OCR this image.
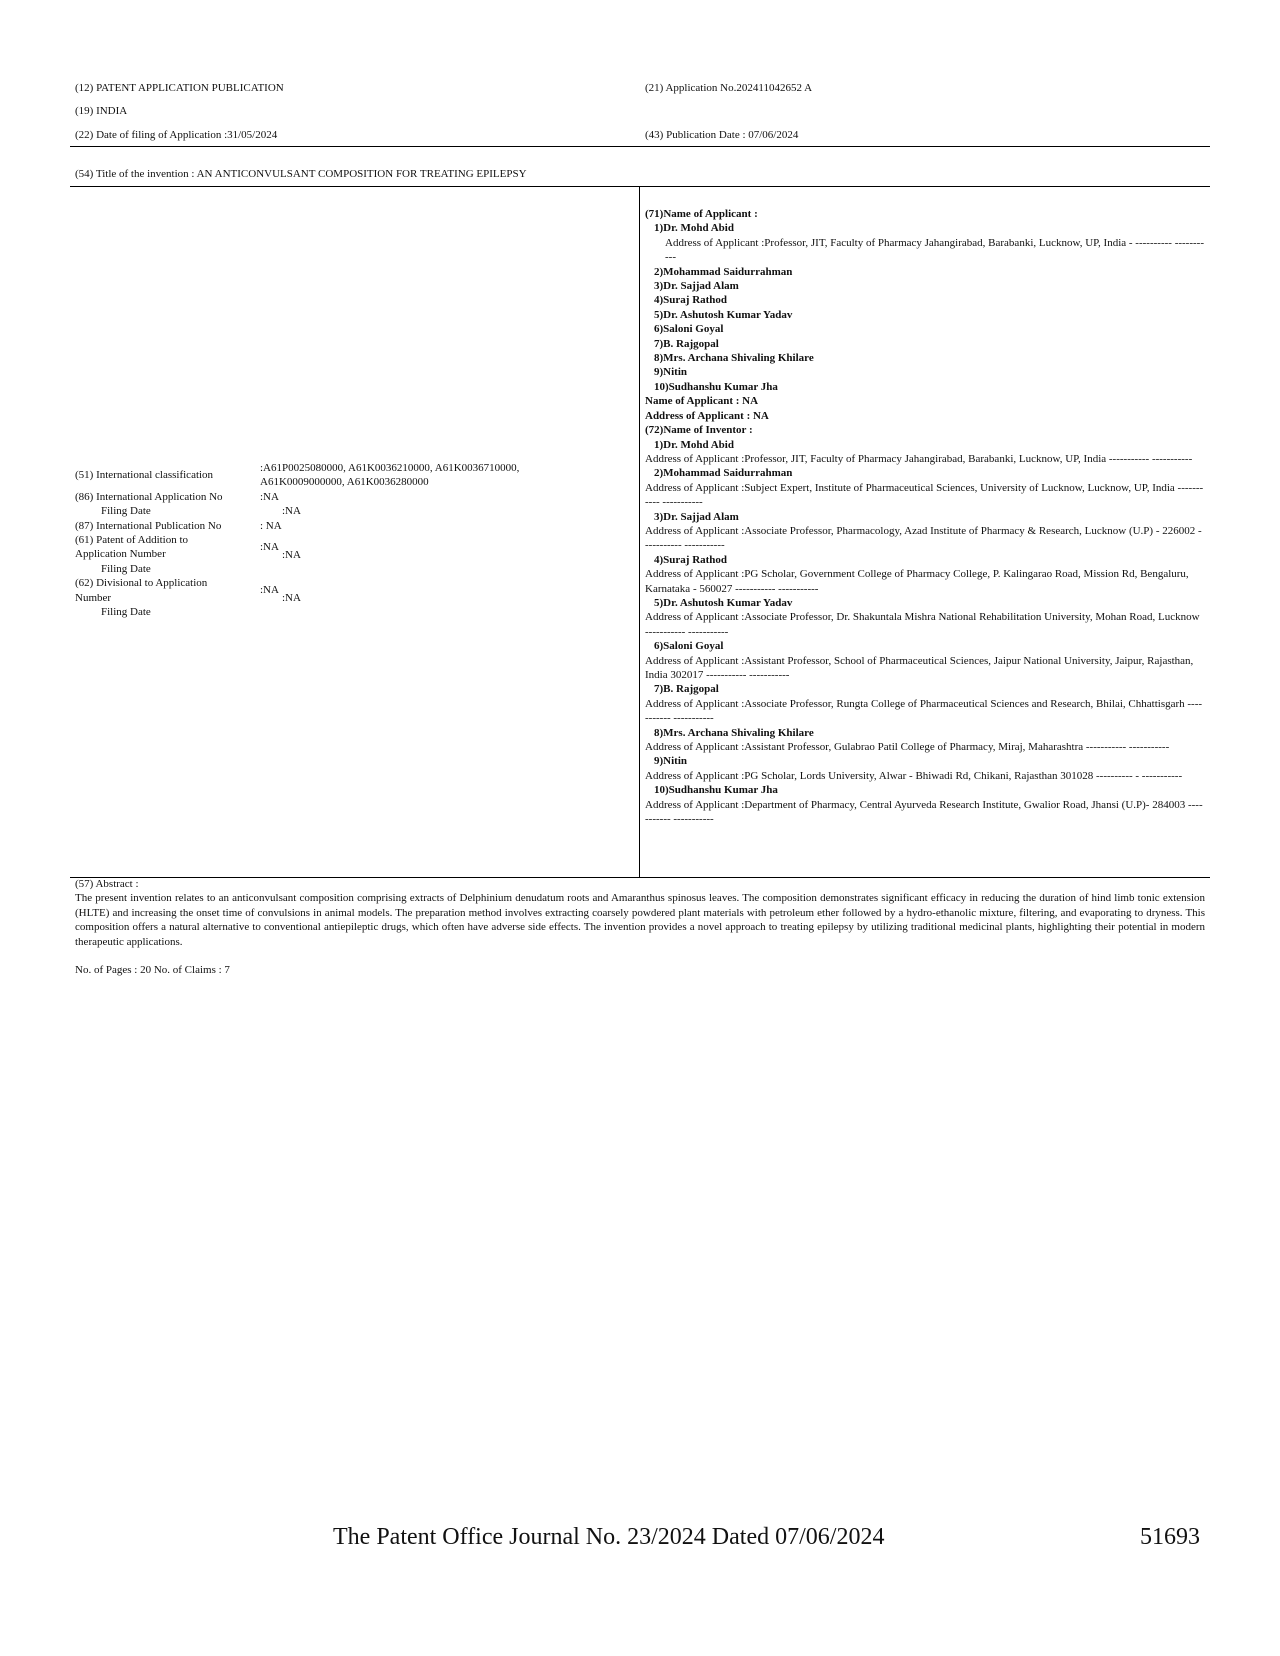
(12) PATENT APPLICATION PUBLICATION	(21) Application No.202411042652 A
(19) INDIA
(22) Date of filing of Application :31/05/2024	(43) Publication Date : 07/06/2024
(54) Title of the invention : AN ANTICONVULSANT COMPOSITION FOR TREATING EPILEPSY
(71)Name of Applicant :
1)Dr. Mohd Abid
Address of Applicant :Professor, JIT, Faculty of Pharmacy Jahangirabad, Barabanki, Lucknow, UP, India - ---------- -----------
2)Mohammad Saidurrahman
3)Dr. Sajjad Alam
4)Suraj Rathod
5)Dr. Ashutosh Kumar Yadav
6)Saloni Goyal
7)B. Rajgopal
8)Mrs. Archana Shivaling Khilare
9)Nitin
10)Sudhanshu Kumar Jha
Name of Applicant : NA
Address of Applicant : NA
(72)Name of Inventor :
1)Dr. Mohd Abid
Address of Applicant :Professor, JIT, Faculty of Pharmacy Jahangirabad, Barabanki, Lucknow, UP, India ----------- -----------
2)Mohammad Saidurrahman
Address of Applicant :Subject Expert, Institute of Pharmaceutical Sciences, University of Lucknow, Lucknow, UP, India ----------- -----------
3)Dr. Sajjad Alam
Address of Applicant :Associate Professor, Pharmacology, Azad Institute of Pharmacy & Research, Lucknow (U.P) - 226002 ----------- -----------
4)Suraj Rathod
Address of Applicant :PG Scholar, Government College of Pharmacy College, P. Kalingarao Road, Mission Rd, Bengaluru, Karnataka - 560027 ----------- -----------
5)Dr. Ashutosh Kumar Yadav
Address of Applicant :Associate Professor, Dr. Shakuntala Mishra National Rehabilitation University, Mohan Road, Lucknow ----------- -----------
6)Saloni Goyal
Address of Applicant :Assistant Professor, School of Pharmaceutical Sciences, Jaipur National University, Jaipur, Rajasthan, India 302017 ----------- -----------
7)B. Rajgopal
Address of Applicant :Associate Professor, Rungta College of Pharmaceutical Sciences and Research, Bhilai, Chhattisgarh ----------- -----------
8)Mrs. Archana Shivaling Khilare
Address of Applicant :Assistant Professor, Gulabrao Patil College of Pharmacy, Miraj, Maharashtra ----------- -----------
9)Nitin
Address of Applicant :PG Scholar, Lords University, Alwar - Bhiwadi Rd, Chikani, Rajasthan 301028 ---------- - -----------
10)Sudhanshu Kumar Jha
Address of Applicant :Department of Pharmacy, Central Ayurveda Research Institute, Gwalior Road, Jhansi (U.P)- 284003 ----------- -----------
(51) International classification
:A61P0025080000, A61K0036210000, A61K0036710000, A61K0009000000, A61K0036280000
(86) International Application No	:NA
Filing Date	:NA
(87) International Publication No	: NA
(61) Patent of Addition to Application Number
:NA
Filing Date
:NA
(62) Divisional to Application Number
:NA
Filing Date
:NA
(57) Abstract :
The present invention relates to an anticonvulsant composition comprising extracts of Delphinium denudatum roots and Amaranthus spinosus leaves. The composition demonstrates significant efficacy in reducing the duration of hind limb tonic extension (HLTE) and increasing the onset time of convulsions in animal models. The preparation method involves extracting coarsely powdered plant materials with petroleum ether followed by a hydro-ethanolic mixture, filtering, and evaporating to dryness. This composition offers a natural alternative to conventional antiepileptic drugs, which often have adverse side effects. The invention provides a novel approach to treating epilepsy by utilizing traditional medicinal plants, highlighting their potential in modern therapeutic applications.
No. of Pages : 20 No. of Claims : 7
The Patent Office Journal No. 23/2024 Dated 07/06/2024	51693
